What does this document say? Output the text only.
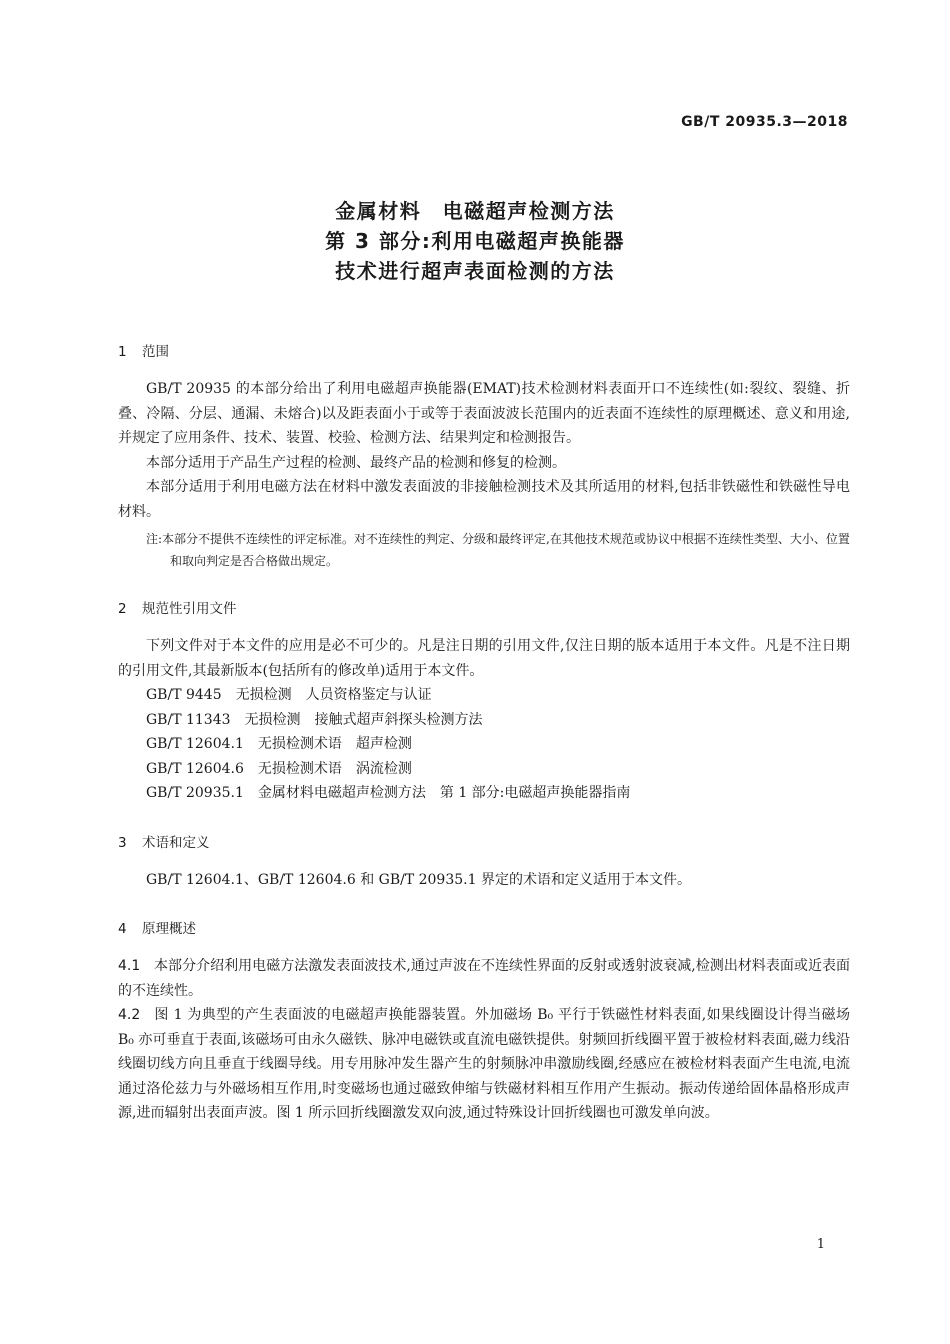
GB/T 20935.3—2018
金属材料　电磁超声检测方法
第 3 部分:利用电磁超声换能器
技术进行超声表面检测的方法
1 范围

GB/T 20935 的本部分给出了利用电磁超声换能器(EMAT)技术检测材料表面开口不连续性(如:裂纹、裂缝、折叠、冷隔、分层、通漏、未熔合)以及距表面小于或等于表面波波长范围内的近表面不连续性的原理概述、意义和用途,并规定了应用条件、技术、装置、校验、检测方法、结果判定和检测报告。

本部分适用于产品生产过程的检测、最终产品的检测和修复的检测。

本部分适用于利用电磁方法在材料中激发表面波的非接触检测技术及其所适用的材料,包括非铁磁性和铁磁性导电材料。

注:本部分不提供不连续性的评定标准。对不连续性的判定、分级和最终评定,在其他技术规范或协议中根据不连续性类型、大小、位置和取向判定是否合格做出规定。
2 规范性引用文件

下列文件对于本文件的应用是必不可少的。凡是注日期的引用文件,仅注日期的版本适用于本文件。凡是不注日期的引用文件,其最新版本(包括所有的修改单)适用于本文件。

GB/T 9445　无损检测　人员资格鉴定与认证

GB/T 11343　无损检测　接触式超声斜探头检测方法

GB/T 12604.1　无损检测术语　超声检测

GB/T 12604.6　无损检测术语　涡流检测

GB/T 20935.1　金属材料电磁超声检测方法　第 1 部分:电磁超声换能器指南

3 术语和定义

GB/T 12604.1、GB/T 12604.6 和 GB/T 20935.1 界定的术语和定义适用于本文件。

4 原理概述

4.1 本部分介绍利用电磁方法激发表面波技术,通过声波在不连续性界面的反射或透射波衰减,检测出材料表面或近表面的不连续性。

4.2 图 1 为典型的产生表面波的电磁超声换能器装置。外加磁场 B₀ 平行于铁磁性材料表面,如果线圈设计得当磁场 B₀ 亦可垂直于表面,该磁场可由永久磁铁、脉冲电磁铁或直流电磁铁提供。射频回折线圈平置于被检材料表面,磁力线沿线圈切线方向且垂直于线圈导线。用专用脉冲发生器产生的射频脉冲串激励线圈,经感应在被检材料表面产生电流,电流通过洛伦兹力与外磁场相互作用,时变磁场也通过磁致伸缩与铁磁材料相互作用产生振动。振动传递给固体晶格形成声源,进而辐射出表面声波。图 1 所示回折线圈激发双向波,通过特殊设计回折线圈也可激发单向波。

1
